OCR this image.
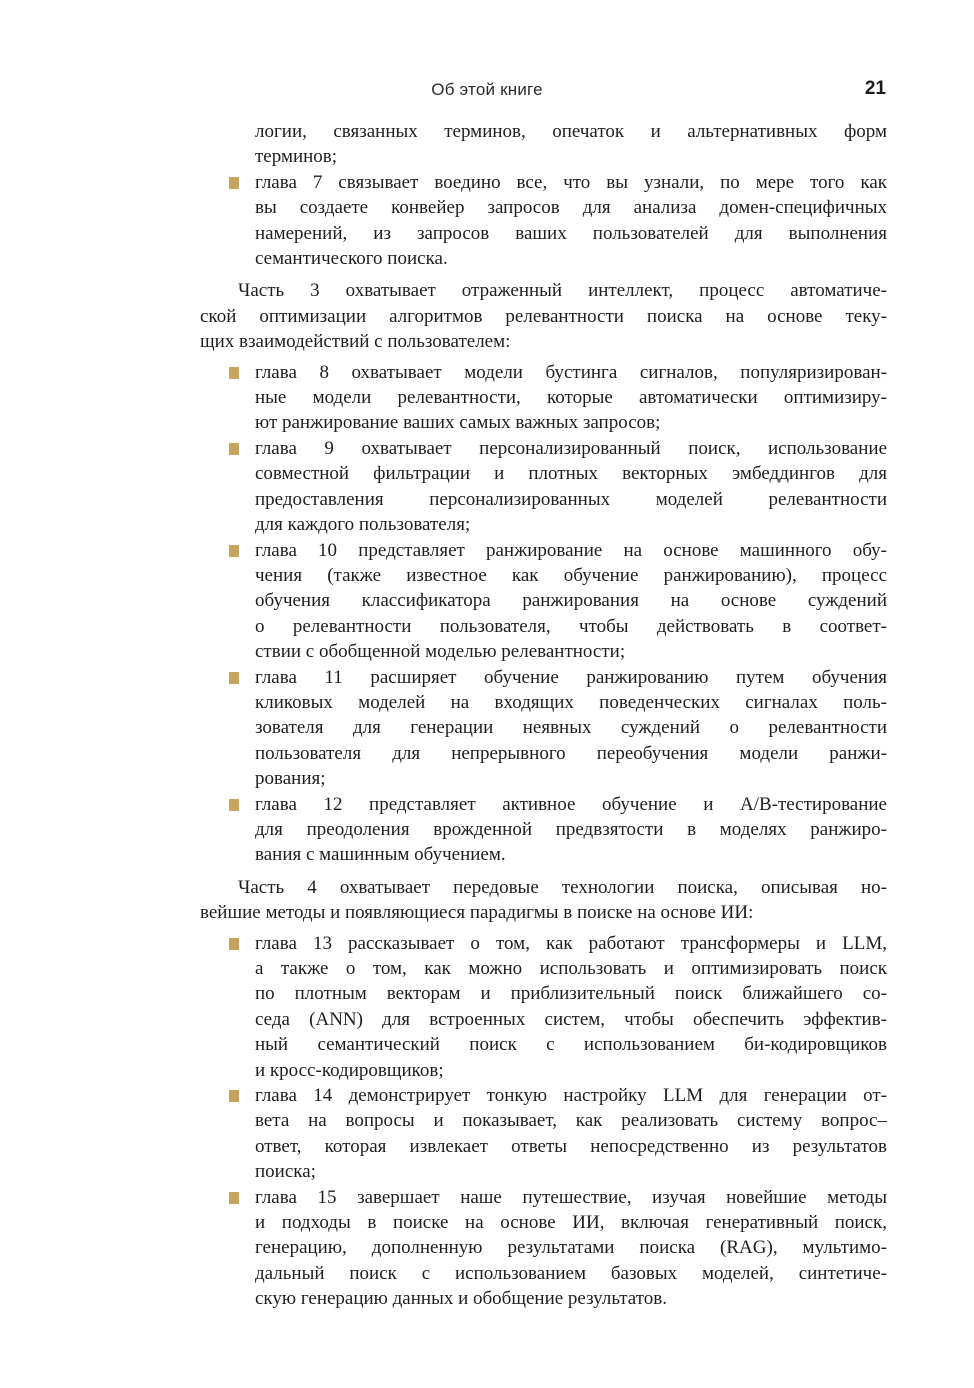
Об этой книге	21
логии, связанных терминов, опечаток и альтернативных форм
терминов;
глава 7 связывает воедино все, что вы узнали, по мере того как
вы создаете конвейер запросов для анализа домен-специфичных
намерений, из запросов ваших пользователей для выполнения
семантического поиска.
Часть 3 охватывает отраженный интеллект, процесс автоматиче-
ской оптимизации алгоритмов релевантности поиска на основе теку-
щих взаимодействий с пользователем:
глава 8 охватывает модели бустинга сигналов, популяризирован-
ные модели релевантности, которые автоматически оптимизиру-
ют ранжирование ваших самых важных запросов;
глава 9 охватывает персонализированный поиск, использование
совместной фильтрации и плотных векторных эмбеддингов для
предоставления персонализированных моделей релевантности
для каждого пользователя;
глава 10 представляет ранжирование на основе машинного обу-
чения (также известное как обучение ранжированию), процесс
обучения классификатора ранжирования на основе суждений
о релевантности пользователя, чтобы действовать в соответ-
ствии с обобщенной моделью релевантности;
глава 11 расширяет обучение ранжированию путем обучения
кликовых моделей на входящих поведенческих сигналах поль-
зователя для генерации неявных суждений о релевантности
пользователя для непрерывного переобучения модели ранжи-
рования;
глава 12 представляет активное обучение и A/B-тестирование
для преодоления врожденной предвзятости в моделях ранжиро-
вания с машинным обучением.
Часть 4 охватывает передовые технологии поиска, описывая но-
вейшие методы и появляющиеся парадигмы в поиске на основе ИИ:
глава 13 рассказывает о том, как работают трансформеры и LLM,
а также о том, как можно использовать и оптимизировать поиск
по плотным векторам и приблизительный поиск ближайшего со-
седа (ANN) для встроенных систем, чтобы обеспечить эффектив-
ный семантический поиск с использованием би-кодировщиков
и кросс-кодировщиков;
глава 14 демонстрирует тонкую настройку LLM для генерации от-
вета на вопросы и показывает, как реализовать систему вопрос–
ответ, которая извлекает ответы непосредственно из результатов
поиска;
глава 15 завершает наше путешествие, изучая новейшие методы
и подходы в поиске на основе ИИ, включая генеративный поиск,
генерацию, дополненную результатами поиска (RAG), мультимо-
дальный поиск с использованием базовых моделей, синтетиче-
скую генерацию данных и обобщение результатов.
